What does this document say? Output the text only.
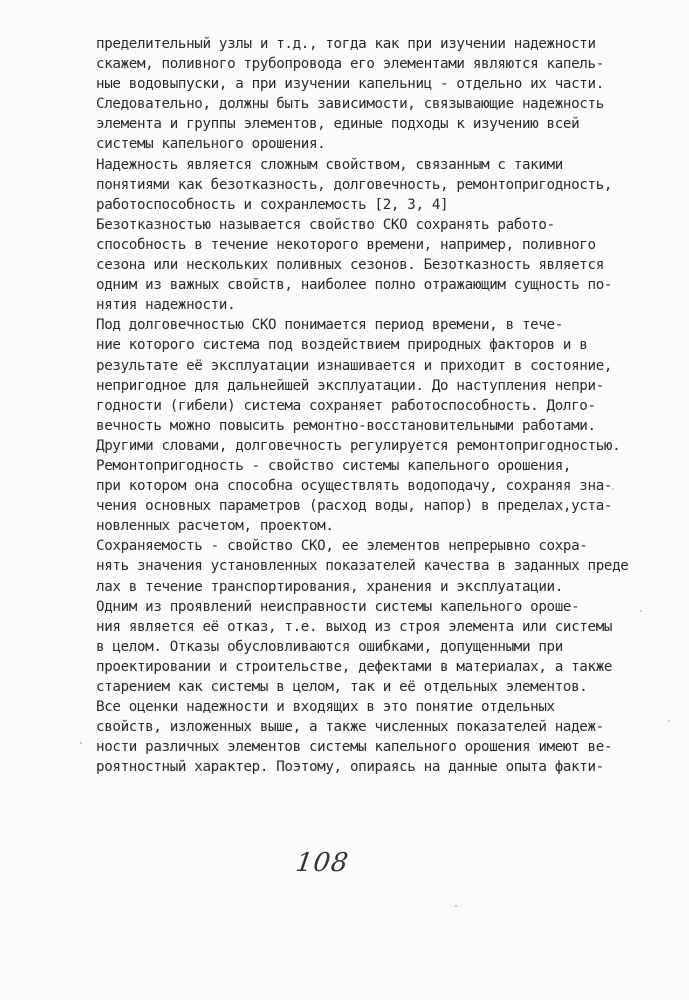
пределительный узлы и т.д., тогда как при изучении надежности
скажем, поливного трубопровода его элементами являются капель-
ные водовыпуски, а при изучении капельниц - отдельно их части.
Следовательно, должны быть зависимости, связывающие надежность
элемента и группы элементов, единые подходы к изучению всей
системы капельного орошения.
Надежность является сложным свойством, связанным с такими
понятиями как безотказность, долговечность, ремонтопригодность,
работоспособность и сохранлемость [2, 3, 4]
Безотказностью называется свойство СКО сохранять работо-
способность в течение некоторого времени, например, поливного
сезона или нескольких поливных сезонов. Безотказность является
одним из важных свойств, наиболее полно отражающим сущность по-
нятия надежности.
Под долговечностью СКО понимается период времени, в тече-
ние которого система под воздействием природных факторов и в
результате её эксплуатации изнашивается и приходит в состояние,
непригодное для дальнейшей эксплуатации. До наступления непри-
годности (гибели) система сохраняет работоспособность. Долго-
вечность можно повысить ремонтно-восстановительными работами.
Другими словами, долговечность регулируется ремонтопригодностью.
Ремонтопригодность - свойство системы капельного орошения,
при котором она способна осуществлять водоподачу, сохраняя зна-
чения основных параметров (расход воды, напор) в пределах,уста-
новленных расчетом, проектом.
Сохраняемость - свойство СКО, ее элементов непрерывно сохра-
нять значения установленных показателей качества в заданных преде
лах в течение транспортирования, хранения и эксплуатации.
Одним из проявлений неисправности системы капельного ороше-
ния является её отказ, т.е. выход из строя элемента или системы
в целом. Отказы обусловливаются ошибками, допущенными при
проектировании и строительстве, дефектами в материалах, а также
старением как системы в целом, так и её отдельных элементов.
Все оценки надежности и входящих в это понятие отдельных
свойств, изложенных выше, а также численных показателей надеж-
ности различных элементов системы капельного орошения имеют ве-
роятностный характер. Поэтому, опираясь на данные опыта факти-
108
